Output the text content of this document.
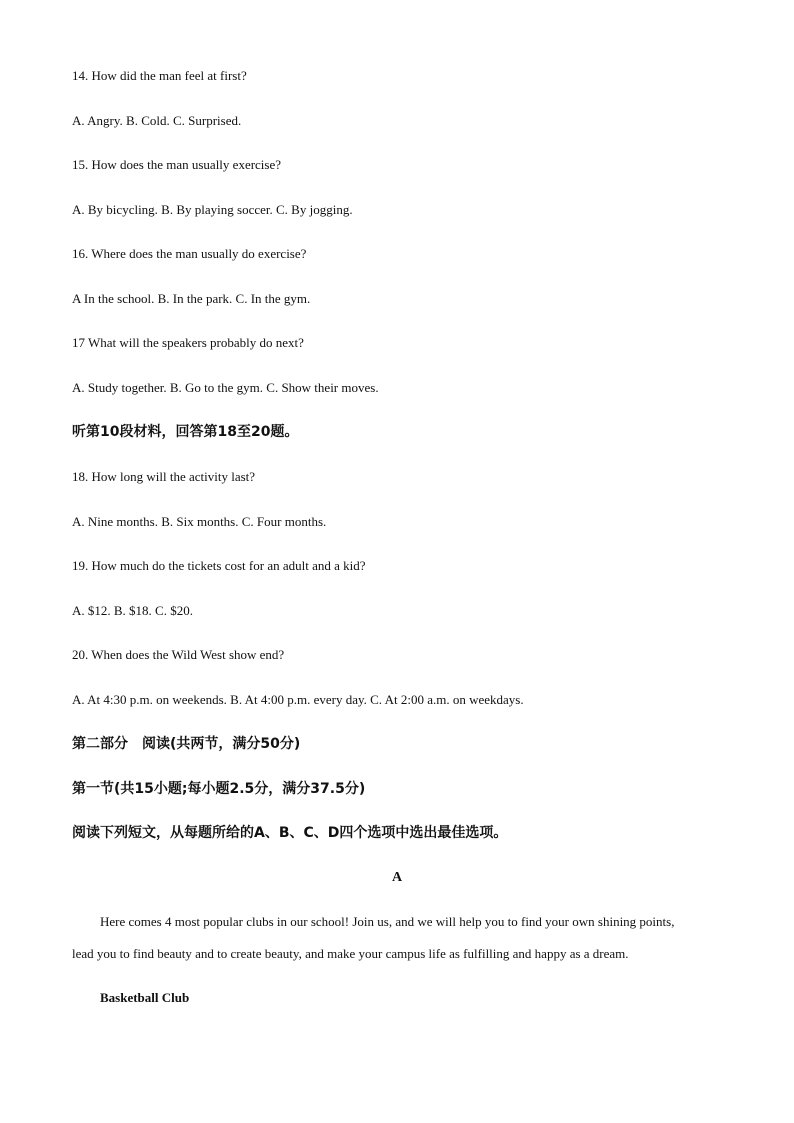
14. How did the man feel at first?
A. Angry. B. Cold. C. Surprised.
15. How does the man usually exercise?
A. By bicycling. B. By playing soccer. C. By jogging.
16. Where does the man usually do exercise?
A In the school. B. In the park. C. In the gym.
17 What will the speakers probably do next?
A. Study together. B. Go to the gym. C. Show their moves.
听第10段材料，回答第18至20题。
18. How long will the activity last?
A. Nine months. B. Six months. C. Four months.
19. How much do the tickets cost for an adult and a kid?
A. $12. B. $18. C. $20.
20. When does the Wild West show end?
A. At 4:30 p.m. on weekends. B. At 4:00 p.m. every day. C. At 2:00 a.m. on weekdays.
第二部分　阅读(共两节，满分50分)
第一节(共15小题;每小题2.5分，满分37.5分)
阅读下列短文，从每题所给的A、B、C、D四个选项中选出最佳选项。
A
Here comes 4 most popular clubs in our school! Join us, and we will help you to find your own shining points,
lead you to find beauty and to create beauty, and make your campus life as fulfilling and happy as a dream.
Basketball Club
